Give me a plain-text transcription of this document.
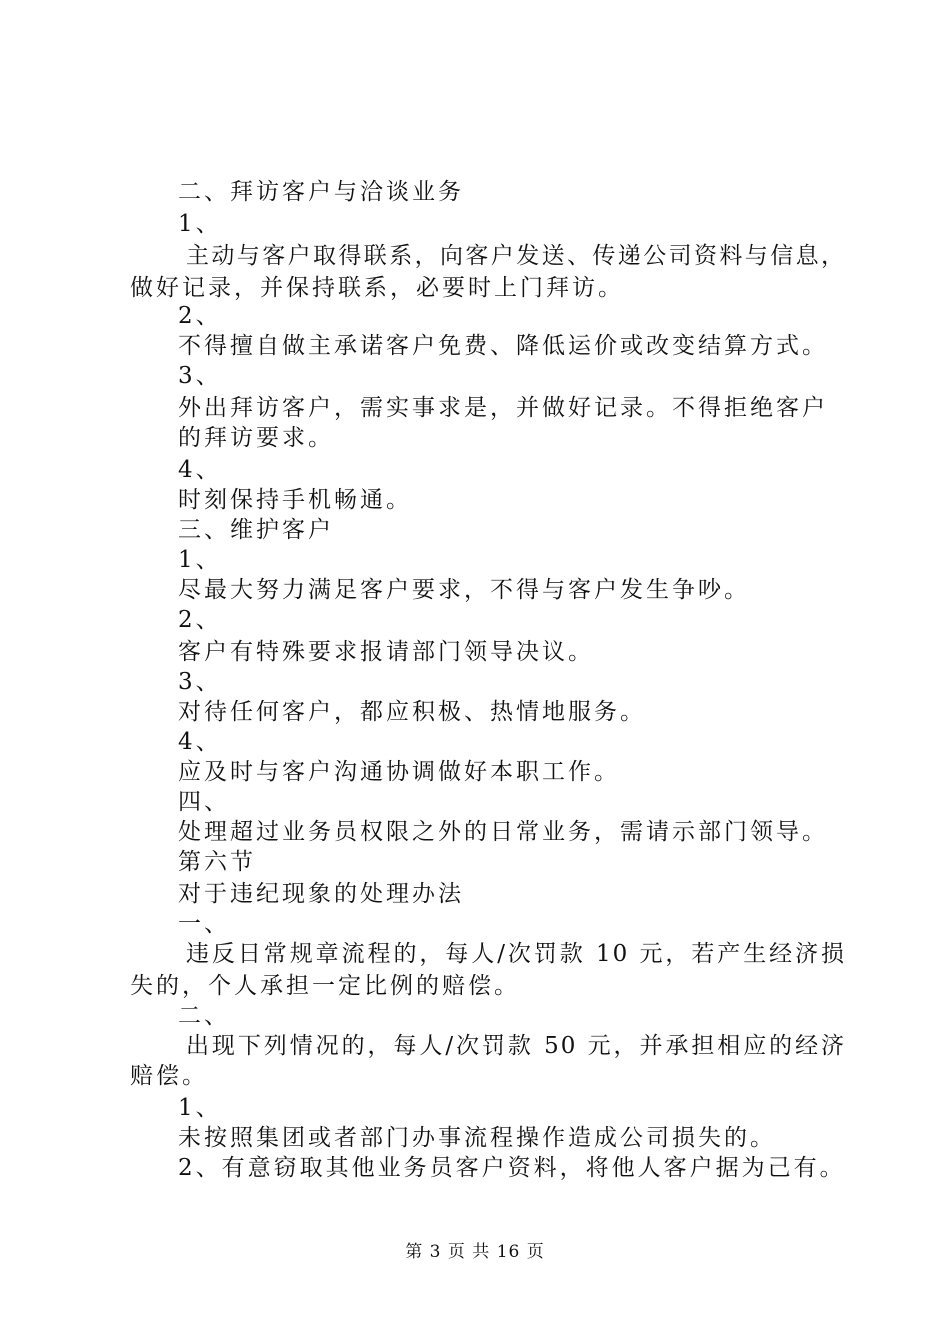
二、拜访客户与洽谈业务
1、
主动与客户取得联系，向客户发送、传递公司资料与信息，
做好记录，并保持联系，必要时上门拜访。
2、
不得擅自做主承诺客户免费、降低运价或改变结算方式。
3、
外出拜访客户，需实事求是，并做好记录。不得拒绝客户
的拜访要求。
4、
时刻保持手机畅通。
三、维护客户
1、
尽最大努力满足客户要求，不得与客户发生争吵。
2、
客户有特殊要求报请部门领导决议。
3、
对待任何客户，都应积极、热情地服务。
4、
应及时与客户沟通协调做好本职工作。
四、
处理超过业务员权限之外的日常业务，需请示部门领导。
第六节
对于违纪现象的处理办法
一、
违反日常规章流程的，每人/次罚款 10 元，若产生经济损
失的，个人承担一定比例的赔偿。
二、
出现下列情况的，每人/次罚款 50 元，并承担相应的经济
赔偿。
1、
未按照集团或者部门办事流程操作造成公司损失的。
2、有意窃取其他业务员客户资料，将他人客户据为己有。
第 3 页 共 16 页
